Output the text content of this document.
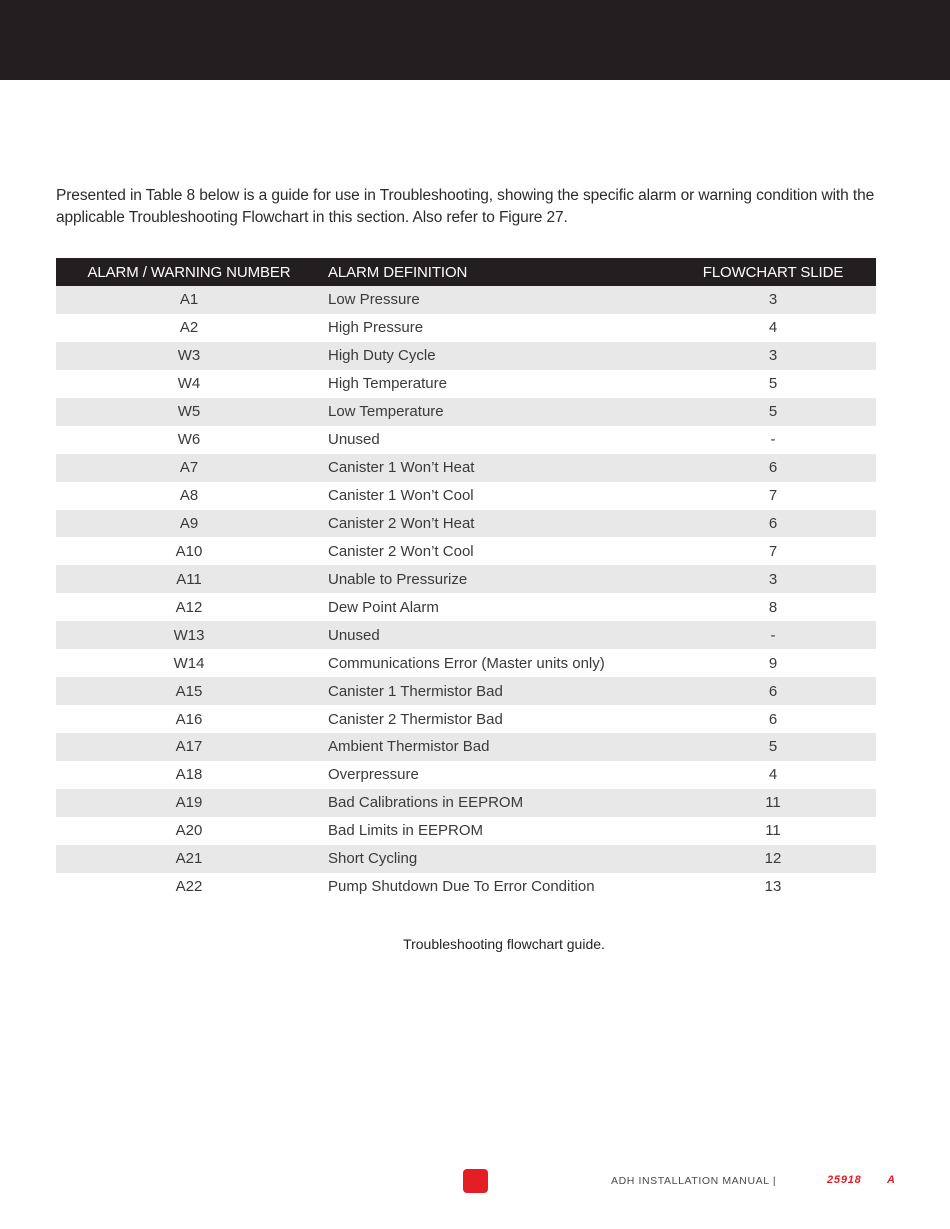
Presented in Table 8 below is a guide for use in Troubleshooting, showing the specific alarm or warning condition with the applicable Troubleshooting Flowchart in this section. Also refer to Figure 27.

ALARM / WARNING NUMBER	ALARM DEFINITION	FLOWCHART SLIDE
A1	Low Pressure	3
A2	High Pressure	4
W3	High Duty Cycle	3
W4	High Temperature	5
W5	Low Temperature	5
W6	Unused	-
A7	Canister 1 Won’t Heat	6
A8	Canister 1 Won’t Cool	7
A9	Canister 2 Won’t Heat	6
A10	Canister 2 Won’t Cool	7
A11	Unable to Pressurize	3
A12	Dew Point Alarm	8
W13	Unused	-
W14	Communications Error (Master units only)	9
A15	Canister 1 Thermistor Bad	6
A16	Canister 2 Thermistor Bad	6
A17	Ambient Thermistor Bad	5
A18	Overpressure	4
A19	Bad Calibrations in EEPROM	11
A20	Bad Limits in EEPROM	11
A21	Short Cycling	12
A22	Pump Shutdown Due To Error Condition	13
Troubleshooting flowchart guide.
ADH INSTALLATION MANUAL |	25918 A
